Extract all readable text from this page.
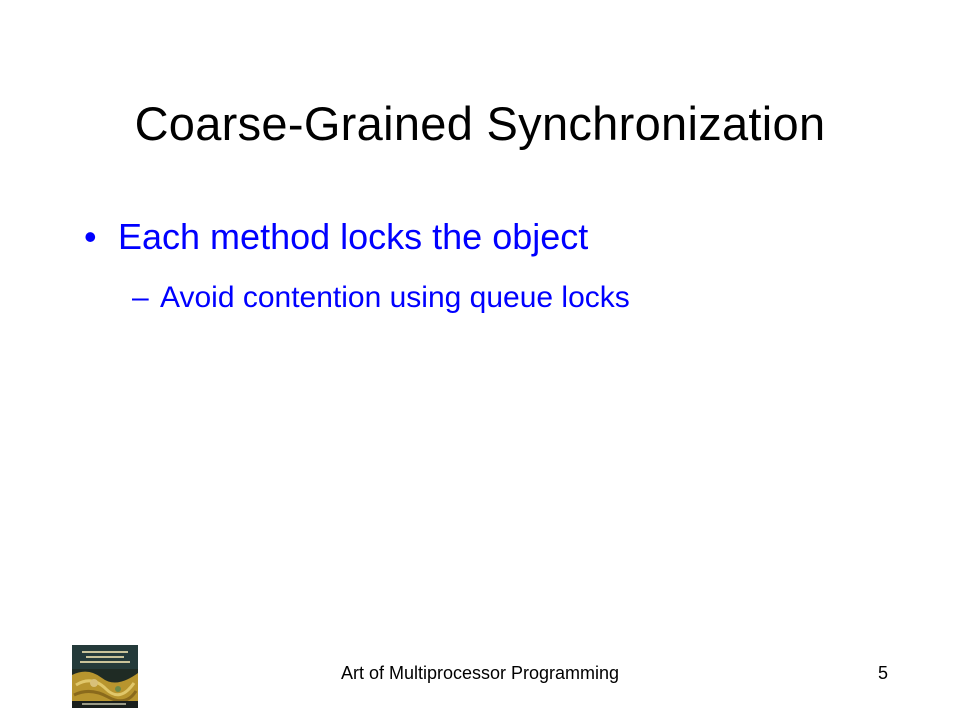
Coarse-Grained Synchronization
• Each method locks the object
– Avoid contention using queue locks
Art of Multiprocessor Programming	5
